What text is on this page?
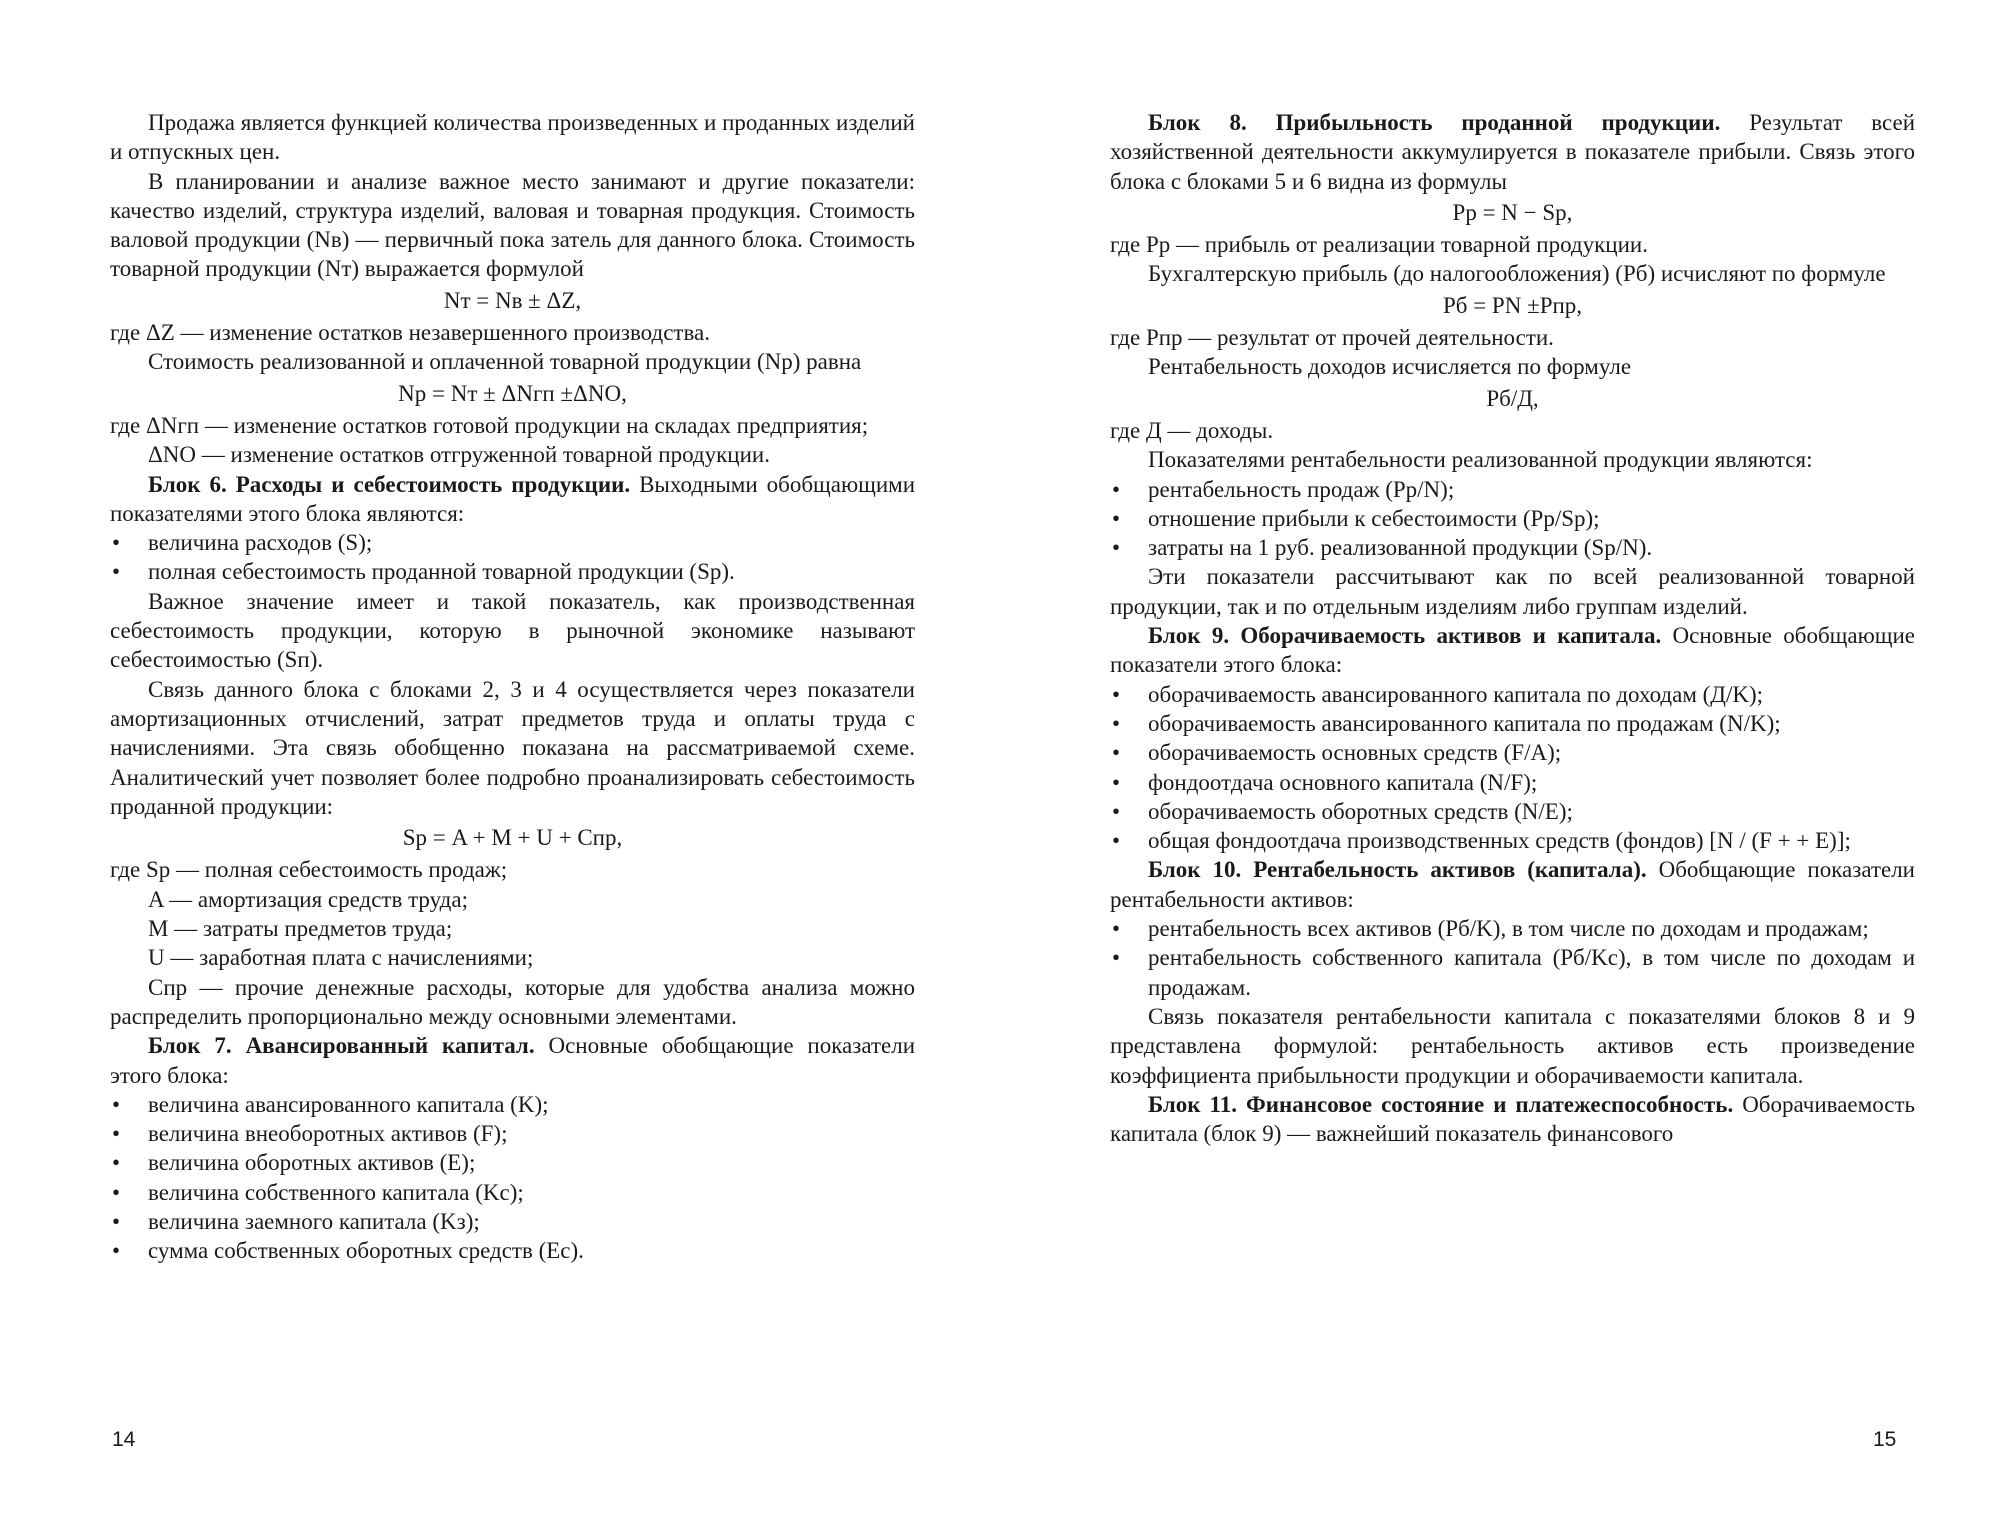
Продажа является функцией количества произведенных и проданных изделий и отпускных цен.

В планировании и анализе важное место занимают и другие показатели: качество изделий, структура изделий, валовая и товарная продукция. Стоимость валовой продукции (Nв) — первичный пока затель для данного блока. Стоимость товарной продукции (Nт) выражается формулой

Nт = Nв ± ΔZ,

где ΔZ — изменение остатков незавершенного производства.

Стоимость реализованной и оплаченной товарной продукции (Nр) равна

Nр = Nт ± ΔNгп ±ΔNО,

где ΔNгп — изменение остатков готовой продукции на складах предприятия;

ΔNО — изменение остатков отгруженной товарной продукции.

Блок 6. Расходы и себестоимость продукции. Выходными обобщающими показателями этого блока являются:

• величина расходов (S);

• полная себестоимость проданной товарной продукции (Sр).

Важное значение имеет и такой показатель, как производственная себестоимость продукции, которую в рыночной экономике называют себестоимостью (Sп).

Связь данного блока с блоками 2, 3 и 4 осуществляется через показатели амортизационных отчислений, затрат предметов труда и оплаты труда с начислениями. Эта связь обобщенно показана на рассматриваемой схеме. Аналитический учет позволяет более подробно проанализировать себестоимость проданной продукции:

Sр = A + M + U + Cпр,

где Sр — полная себестоимость продаж;

A — амортизация средств труда;

M — затраты предметов труда;

U — заработная плата с начислениями;

Cпр — прочие денежные расходы, которые для удобства анализа можно распределить пропорционально между основными элементами.

Блок 7. Авансированный капитал. Основные обобщающие показатели этого блока:

• величина авансированного капитала (K);

• величина внеоборотных активов (F);

• величина оборотных активов (E);

• величина собственного капитала (Kс);

• величина заемного капитала (Kз);

• сумма собственных оборотных средств (Eс).

14

Блок 8. Прибыльность проданной продукции. Результат всей хозяйственной деятельности аккумулируется в показателе прибыли. Связь этого блока с блоками 5 и 6 видна из формулы

Pр = N − Sр,

где Pр — прибыль от реализации товарной продукции.

Бухгалтерскую прибыль (до налогообложения) (Pб) исчисляют по формуле

Pб = PN ±Pпр,

где Pпр — результат от прочей деятельности.

Рентабельность доходов исчисляется по формуле

Pб/Д,

где Д — доходы.

Показателями рентабельности реализованной продукции являются:

• рентабельность продаж (Pр/N);

• отношение прибыли к себестоимости (Pр/Sр);

• затраты на 1 руб. реализованной продукции (Sр/N).

Эти показатели рассчитывают как по всей реализованной товарной продукции, так и по отдельным изделиям либо группам изделий.

Блок 9. Оборачиваемость активов и капитала. Основные обобщающие показатели этого блока:

• оборачиваемость авансированного капитала по доходам (Д/K);

• оборачиваемость авансированного капитала по продажам (N/K);

• оборачиваемость основных средств (F/A);

• фондоотдача основного капитала (N/F);

• оборачиваемость оборотных средств (N/E);

• общая фондоотдача производственных средств (фондов) [N / (F + + E)];

Блок 10. Рентабельность активов (капитала). Обобщающие показатели рентабельности активов:

• рентабельность всех активов (Pб/K), в том числе по доходам и продажам;

• рентабельность собственного капитала (Pб/Kс), в том числе по доходам и продажам.

Связь показателя рентабельности капитала с показателями блоков 8 и 9 представлена формулой: рентабельность активов есть произведение коэффициента прибыльности продукции и оборачиваемости капитала.

Блок 11. Финансовое состояние и платежеспособность. Оборачиваемость капитала (блок 9) — важнейший показатель финансового

15
